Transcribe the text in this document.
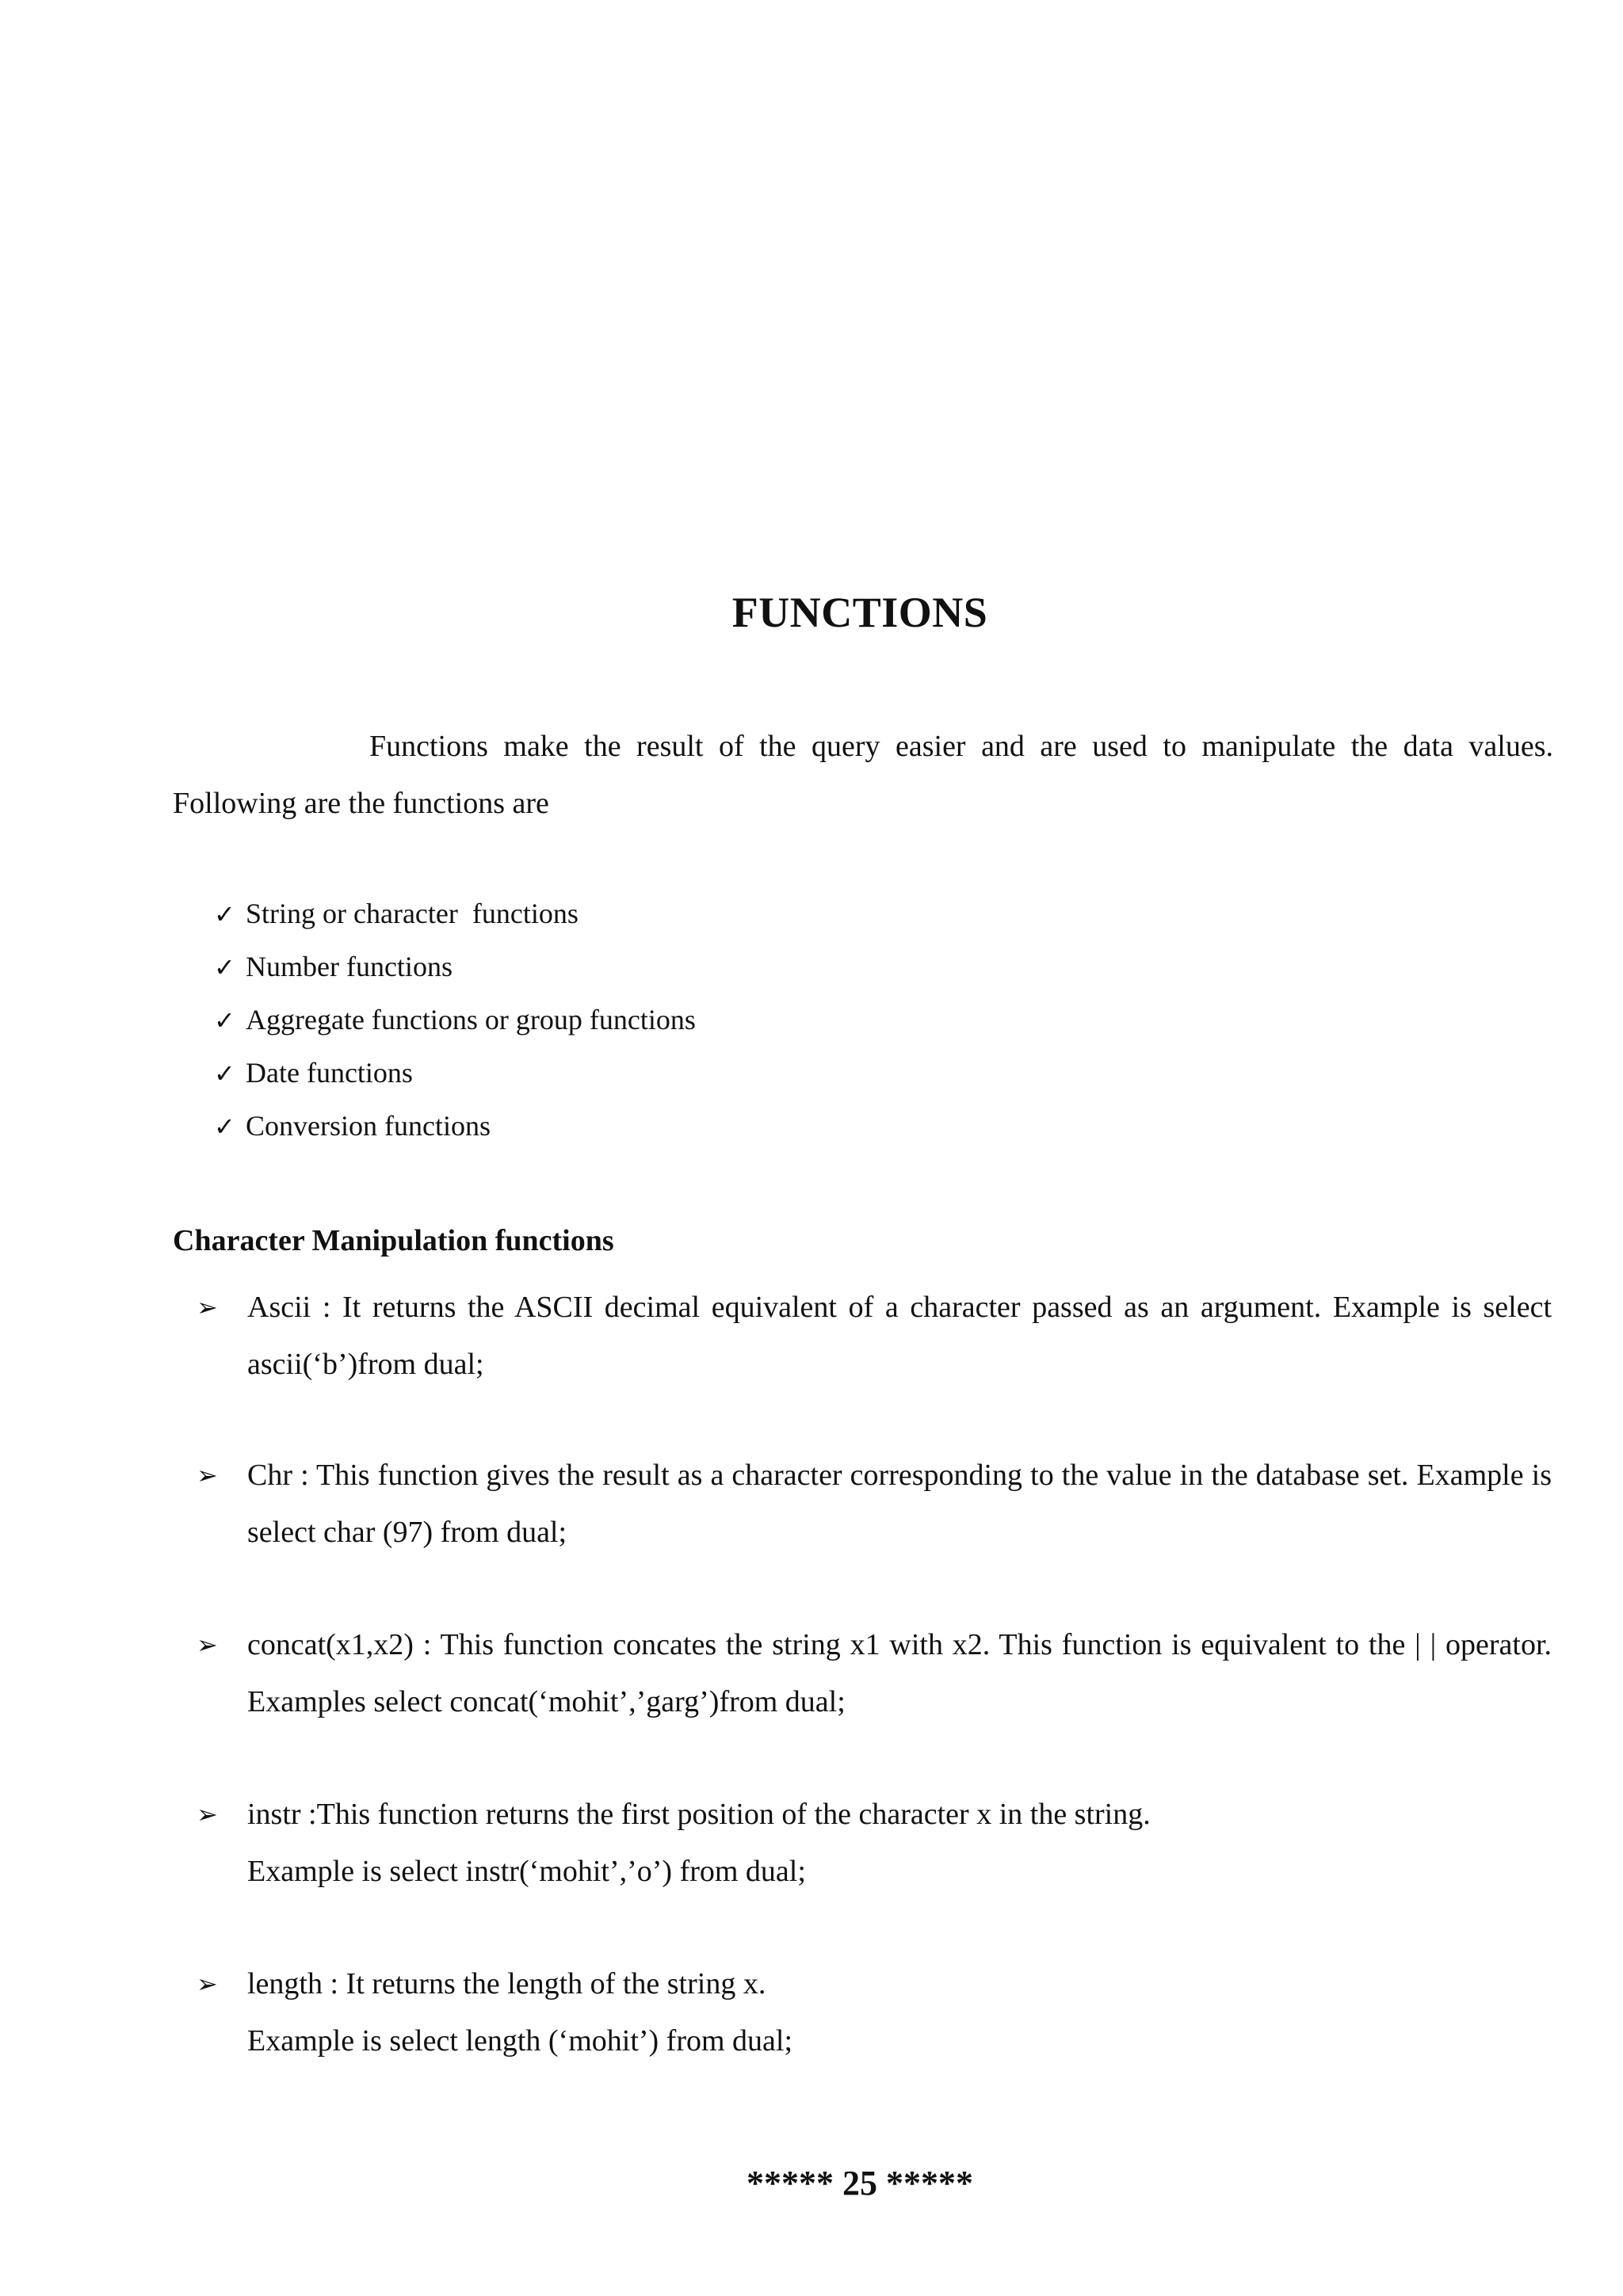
FUNCTIONS
Functions make the result of the query easier and are used to manipulate the data values. Following are the functions are
✓ String or character  functions
✓ Number functions
✓ Aggregate functions or group functions
✓ Date functions
✓ Conversion functions
Character Manipulation functions
➢ Ascii : It returns the ASCII decimal equivalent of a character passed as an argument. Example is select ascii(‘b’)from dual;
➢ Chr : This function gives the result as a character corresponding to the value in the database set. Example is select char (97) from dual;
➢ concat(x1,x2) : This function concates the string x1 with x2. This function is equivalent to the | | operator. Examples select concat(‘mohit’,’garg’)from dual;
➢ instr :This function returns the first position of the character x in the string.
Example is select instr(‘mohit’,’o’) from dual;
➢ length : It returns the length of the string x.
Example is select length (‘mohit’) from dual;
***** 25 *****
